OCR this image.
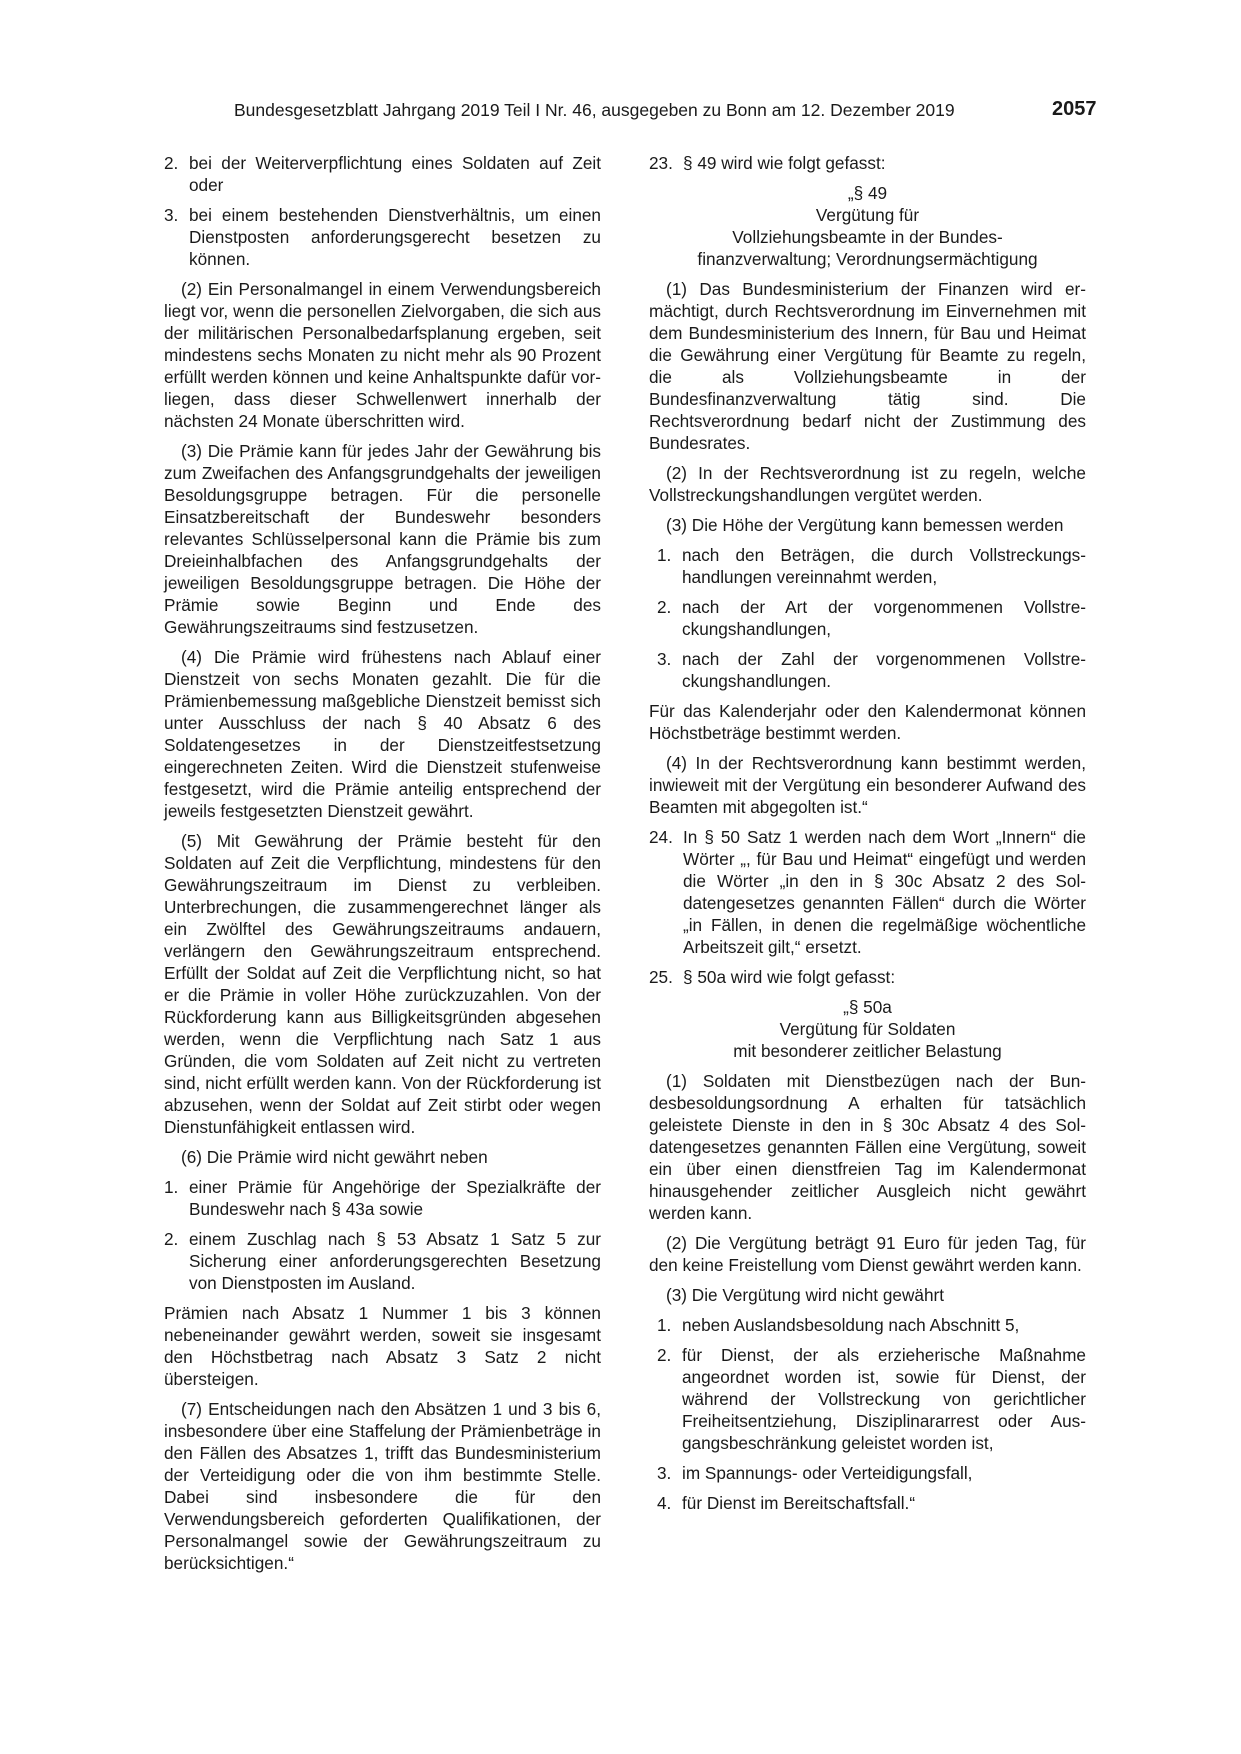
Bundesgesetzblatt Jahrgang 2019 Teil I Nr. 46, ausgegeben zu Bonn am 12. Dezember 2019	2057
2. bei der Weiterverpflichtung eines Soldaten auf Zeit oder
3. bei einem bestehenden Dienstverhältnis, um einen Dienstposten anforderungsgerecht besetzen zu können.

(2) Ein Personalmangel in einem Verwendungsbereich liegt vor, wenn die personellen Zielvorgaben, die sich aus der militärischen Personalbedarfsplanung ergeben, seit mindestens sechs Monaten zu nicht mehr als 90 Prozent erfüllt werden können und keine Anhaltspunkte dafür vorliegen, dass dieser Schwellenwert innerhalb der nächsten 24 Monate überschritten wird.

(3) Die Prämie kann für jedes Jahr der Gewährung bis zum Zweifachen des Anfangsgrundgehalts der jeweiligen Besoldungsgruppe betragen. Für die personelle Einsatzbereitschaft der Bundeswehr besonders relevantes Schlüsselpersonal kann die Prämie bis zum Dreieinhalbfachen des Anfangsgrundgehalts der jeweiligen Besoldungsgruppe betragen. Die Höhe der Prämie sowie Beginn und Ende des Gewährungszeitraums sind festzusetzen.

(4) Die Prämie wird frühestens nach Ablauf einer Dienstzeit von sechs Monaten gezahlt. Die für die Prämienbemessung maßgebliche Dienstzeit bemisst sich unter Ausschluss der nach § 40 Absatz 6 des Soldatengesetzes in der Dienstzeitfestsetzung eingerechneten Zeiten. Wird die Dienstzeit stufenweise festgesetzt, wird die Prämie anteilig entsprechend der jeweils festgesetzten Dienstzeit gewährt.

(5) Mit Gewährung der Prämie besteht für den Soldaten auf Zeit die Verpflichtung, mindestens für den Gewährungszeitraum im Dienst zu verbleiben. Unterbrechungen, die zusammengerechnet länger als ein Zwölftel des Gewährungszeitraums andauern, verlängern den Gewährungszeitraum entsprechend. Erfüllt der Soldat auf Zeit die Verpflichtung nicht, so hat er die Prämie in voller Höhe zurückzuzahlen. Von der Rückforderung kann aus Billigkeitsgründen abgesehen werden, wenn die Verpflichtung nach Satz 1 aus Gründen, die vom Soldaten auf Zeit nicht zu vertreten sind, nicht erfüllt werden kann. Von der Rückforderung ist abzusehen, wenn der Soldat auf Zeit stirbt oder wegen Dienstunfähigkeit entlassen wird.

(6) Die Prämie wird nicht gewährt neben

1. einer Prämie für Angehörige der Spezialkräfte der Bundeswehr nach § 43a sowie
2. einem Zuschlag nach § 53 Absatz 1 Satz 5 zur Sicherung einer anforderungsgerechten Besetzung von Dienstposten im Ausland.

Prämien nach Absatz 1 Nummer 1 bis 3 können nebeneinander gewährt werden, soweit sie insgesamt den Höchstbetrag nach Absatz 3 Satz 2 nicht übersteigen.

(7) Entscheidungen nach den Absätzen 1 und 3 bis 6, insbesondere über eine Staffelung der Prämienbeträge in den Fällen des Absatzes 1, trifft das Bundesministerium der Verteidigung oder die von ihm bestimmte Stelle. Dabei sind insbesondere die für den Verwendungsbereich geforderten Qualifikationen, der Personalmangel sowie der Gewährungszeitraum zu berücksichtigen.“

23. § 49 wird wie folgt gefasst:

„§ 49

Vergütung für

Vollziehungsbeamte in der Bundes-

finanzverwaltung; Verordnungsermächtigung

(1) Das Bundesministerium der Finanzen wird ermächtigt, durch Rechtsverordnung im Einvernehmen mit dem Bundesministerium des Innern, für Bau und Heimat die Gewährung einer Vergütung für Beamte zu regeln, die als Vollziehungsbeamte in der Bundesfinanzverwaltung tätig sind. Die Rechtsverordnung bedarf nicht der Zustimmung des Bundesrates.

(2) In der Rechtsverordnung ist zu regeln, welche Vollstreckungshandlungen vergütet werden.

(3) Die Höhe der Vergütung kann bemessen werden

1. nach den Beträgen, die durch Vollstreckungshandlungen vereinnahmt werden,
2. nach der Art der vorgenommenen Vollstreckungshandlungen,
3. nach der Zahl der vorgenommenen Vollstreckungshandlungen.

Für das Kalenderjahr oder den Kalendermonat können Höchstbeträge bestimmt werden.

(4) In der Rechtsverordnung kann bestimmt werden, inwieweit mit der Vergütung ein besonderer Aufwand des Beamten mit abgegolten ist.“

24. In § 50 Satz 1 werden nach dem Wort „Innern“ die Wörter „, für Bau und Heimat“ eingefügt und werden die Wörter „in den in § 30c Absatz 2 des Soldatengesetzes genannten Fällen“ durch die Wörter „in Fällen, in denen die regelmäßige wöchentliche Arbeitszeit gilt,“ ersetzt.
25. § 50a wird wie folgt gefasst:

„§ 50a

Vergütung für Soldaten

mit besonderer zeitlicher Belastung

(1) Soldaten mit Dienstbezügen nach der Bundesbesoldungsordnung A erhalten für tatsächlich geleistete Dienste in den in § 30c Absatz 4 des Soldatengesetzes genannten Fällen eine Vergütung, soweit ein über einen dienstfreien Tag im Kalendermonat hinausgehender zeitlicher Ausgleich nicht gewährt werden kann.

(2) Die Vergütung beträgt 91 Euro für jeden Tag, für den keine Freistellung vom Dienst gewährt werden kann.

(3) Die Vergütung wird nicht gewährt

1. neben Auslandsbesoldung nach Abschnitt 5,
2. für Dienst, der als erzieherische Maßnahme angeordnet worden ist, sowie für Dienst, der während der Vollstreckung von gerichtlicher Freiheitsentziehung, Disziplinararrest oder Ausgangsbeschränkung geleistet worden ist,
3. im Spannungs- oder Verteidigungsfall,
4. für Dienst im Bereitschaftsfall.“
